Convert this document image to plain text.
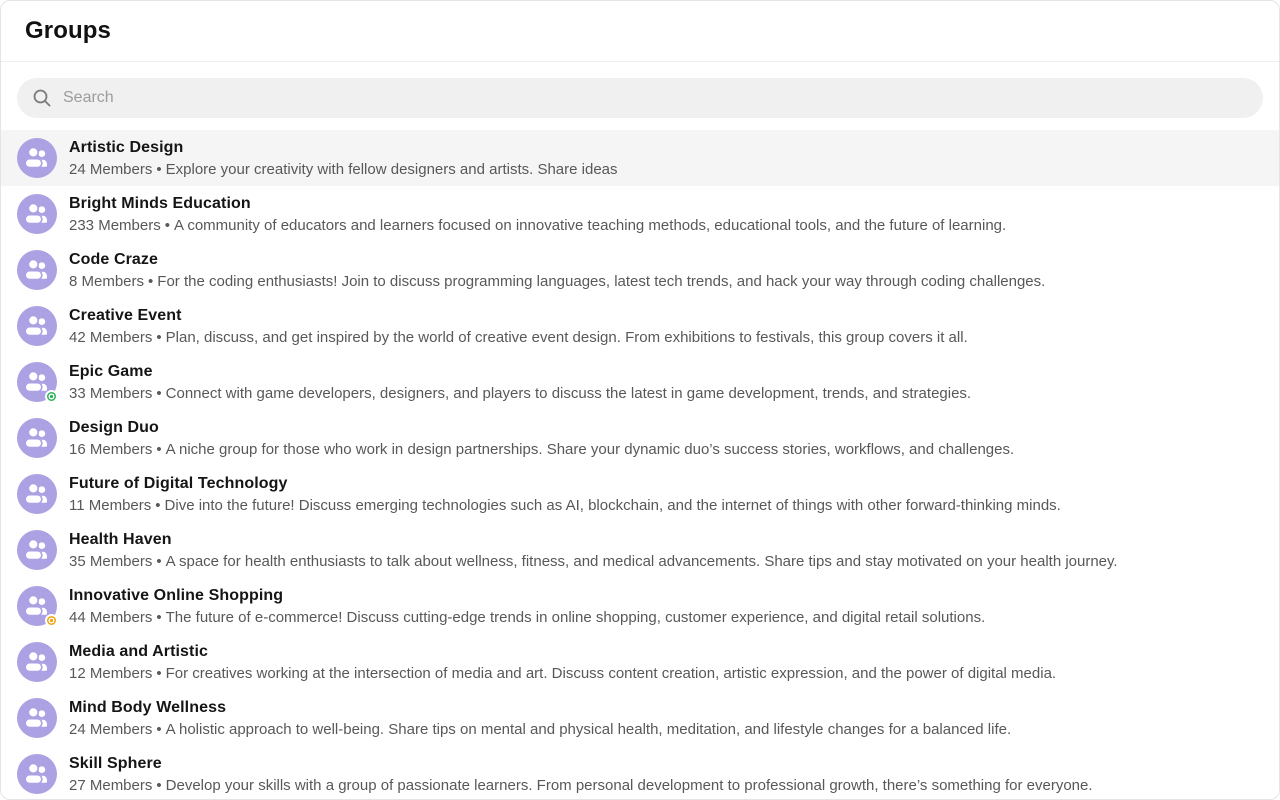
Groups
Search
Artistic Design
24 Members • Explore your creativity with fellow designers and artists. Share ideas
Bright Minds Education
233 Members • A community of educators and learners focused on innovative teaching methods, educational tools, and the future of learning.
Code Craze
8 Members • For the coding enthusiasts! Join to discuss programming languages, latest tech trends, and hack your way through coding challenges.
Creative Event
42 Members • Plan, discuss, and get inspired by the world of creative event design. From exhibitions to festivals, this group covers it all.
Epic Game
33 Members • Connect with game developers, designers, and players to discuss the latest in game development, trends, and strategies.
Design Duo
16 Members • A niche group for those who work in design partnerships. Share your dynamic duo’s success stories, workflows, and challenges.
Future of Digital Technology
11 Members • Dive into the future! Discuss emerging technologies such as AI, blockchain, and the internet of things with other forward-thinking minds.
Health Haven
35 Members • A space for health enthusiasts to talk about wellness, fitness, and medical advancements. Share tips and stay motivated on your health journey.
Innovative Online Shopping
44 Members • The future of e-commerce! Discuss cutting-edge trends in online shopping, customer experience, and digital retail solutions.
Media and Artistic
12 Members • For creatives working at the intersection of media and art. Discuss content creation, artistic expression, and the power of digital media.
Mind Body Wellness
24 Members • A holistic approach to well-being. Share tips on mental and physical health, meditation, and lifestyle changes for a balanced life.
Skill Sphere
27 Members • Develop your skills with a group of passionate learners. From personal development to professional growth, there’s something for everyone.
